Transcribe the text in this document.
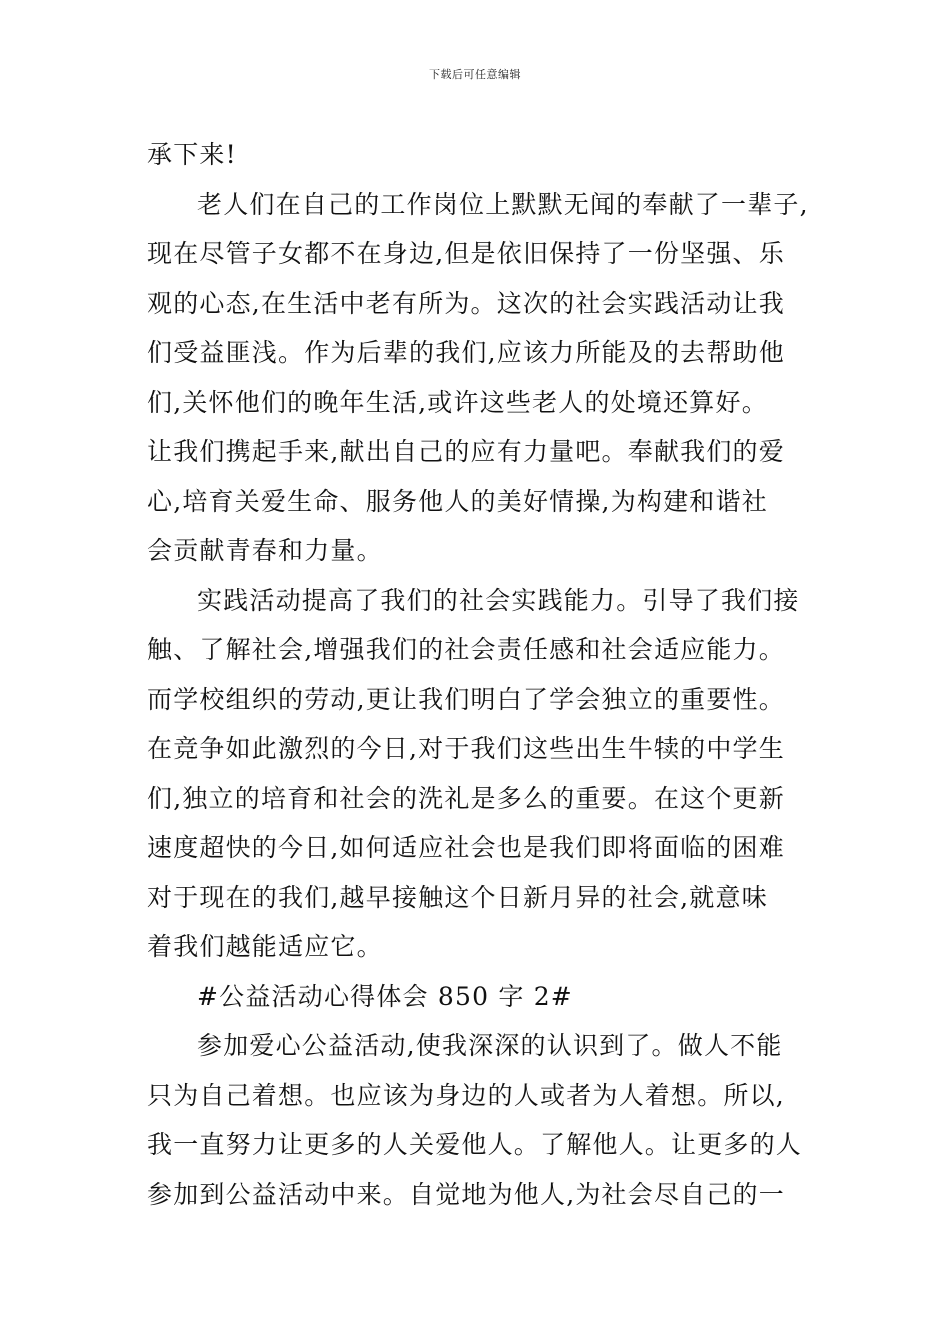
下载后可任意编辑
承下来!
老人们在自己的工作岗位上默默无闻的奉献了一辈子,
现在尽管子女都不在身边,但是依旧保持了一份坚强、乐
观的心态,在生活中老有所为。这次的社会实践活动让我
们受益匪浅。作为后辈的我们,应该力所能及的去帮助他
们,关怀他们的晚年生活,或许这些老人的处境还算好。
让我们携起手来,献出自己的应有力量吧。奉献我们的爱
心,培育关爱生命、服务他人的美好情操,为构建和谐社
会贡献青春和力量。
实践活动提高了我们的社会实践能力。引导了我们接
触、了解社会,增强我们的社会责任感和社会适应能力。
而学校组织的劳动,更让我们明白了学会独立的重要性。
在竞争如此激烈的今日,对于我们这些出生牛犊的中学生
们,独立的培育和社会的洗礼是多么的重要。在这个更新
速度超快的今日,如何适应社会也是我们即将面临的困难
对于现在的我们,越早接触这个日新月异的社会,就意味
着我们越能适应它。
#公益活动心得体会 850 字 2#
参加爱心公益活动,使我深深的认识到了。做人不能
只为自己着想。也应该为身边的人或者为人着想。所以,
我一直努力让更多的人关爱他人。了解他人。让更多的人
参加到公益活动中来。自觉地为他人,为社会尽自己的一
